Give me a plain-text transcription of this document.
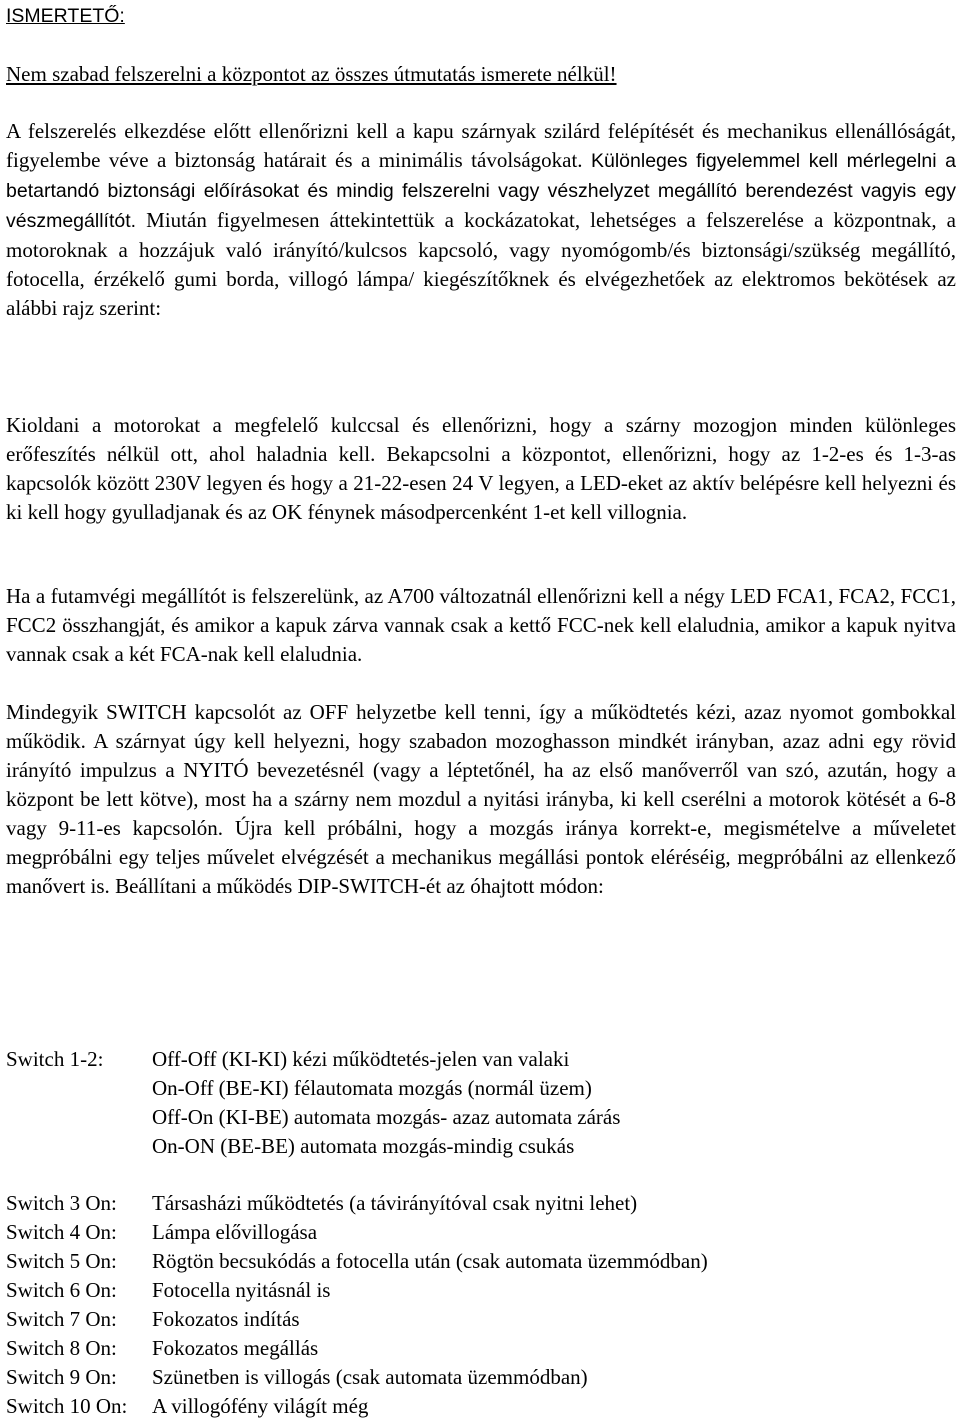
ISMERTETŐ:
Nem szabad felszerelni a központot az összes útmutatás ismerete nélkül!

A felszerelés elkezdése előtt ellenőrizni kell a kapu szárnyak szilárd felépítését és mechanikus ellenállóságát, figyelembe véve a biztonság határait és a minimális távolságokat. Különleges figyelemmel kell mérlegelni a betartandó biztonsági előírásokat és mindig felszerelni vagy vészhelyzet megállító berendezést vagyis egy vészmegállítót. Miután figyelmesen áttekintettük a kockázatokat, lehetséges a felszerelése a központnak, a motoroknak a hozzájuk való irányító/kulcsos kapcsoló, vagy nyomógomb/és biztonsági/szükség megállító, fotocella, érzékelő gumi borda, villogó lámpa/ kiegészítőknek és elvégezhetőek az elektromos bekötések az alábbi rajz szerint:

Kioldani a motorokat a megfelelő kulccsal és ellenőrizni, hogy a szárny mozogjon minden különleges erőfeszítés nélkül ott, ahol haladnia kell. Bekapcsolni a központot, ellenőrizni, hogy az 1-2-es és 1-3-as kapcsolók között 230V legyen és hogy a 21-22-esen 24 V legyen, a LED-eket az aktív belépésre kell helyezni és ki kell hogy gyulladjanak és az OK fénynek másodpercenként 1-et kell villognia.

Ha a futamvégi megállítót is felszerelünk, az A700 változatnál ellenőrizni kell a négy LED FCA1, FCA2, FCC1, FCC2 összhangját, és amikor a kapuk zárva vannak csak a kettő FCC-nek kell elaludnia, amikor a kapuk nyitva vannak csak a két FCA-nak kell elaludnia.

Mindegyik SWITCH kapcsolót az OFF helyzetbe kell tenni, így a működtetés kézi, azaz nyomot gombokkal működik. A szárnyat úgy kell helyezni, hogy szabadon mozoghasson mindkét irányban, azaz adni egy rövid irányító impulzus a NYITÓ bevezetésnél (vagy a léptetőnél, ha az első manőverről van szó, azután, hogy a központ be lett kötve), most ha a szárny nem mozdul a nyitási irányba, ki kell cserélni a motorok kötését a 6-8 vagy 9-11-es kapcsolón. Újra kell próbálni, hogy a mozgás iránya korrekt-e, megismételve a műveletet megpróbálni egy teljes művelet elvégzését a mechanikus megállási pontok eléréséig, megpróbálni az ellenkező manővert is. Beállítani a működés DIP-SWITCH-ét az óhajtott módon:

Switch 1-2:	Off-Off (KI-KI) kézi működtetés-jelen van valaki
On-Off (BE-KI) félautomata mozgás (normál üzem)
Off-On (KI-BE) automata mozgás- azaz automata zárás
On-ON (BE-BE) automata mozgás-mindig csukás
Switch 3 On:	Társasházi működtetés (a távirányítóval csak nyitni lehet)
Switch 4 On:	Lámpa elővillogása
Switch 5 On:	Rögtön becsukódás a fotocella után (csak automata üzemmódban)
Switch 6 On:	Fotocella nyitásnál is
Switch 7 On:	Fokozatos indítás
Switch 8 On:	Fokozatos megállás
Switch 9 On:	Szünetben is villogás (csak automata üzemmódban)
Switch 10 On:	A villogófény világít még
